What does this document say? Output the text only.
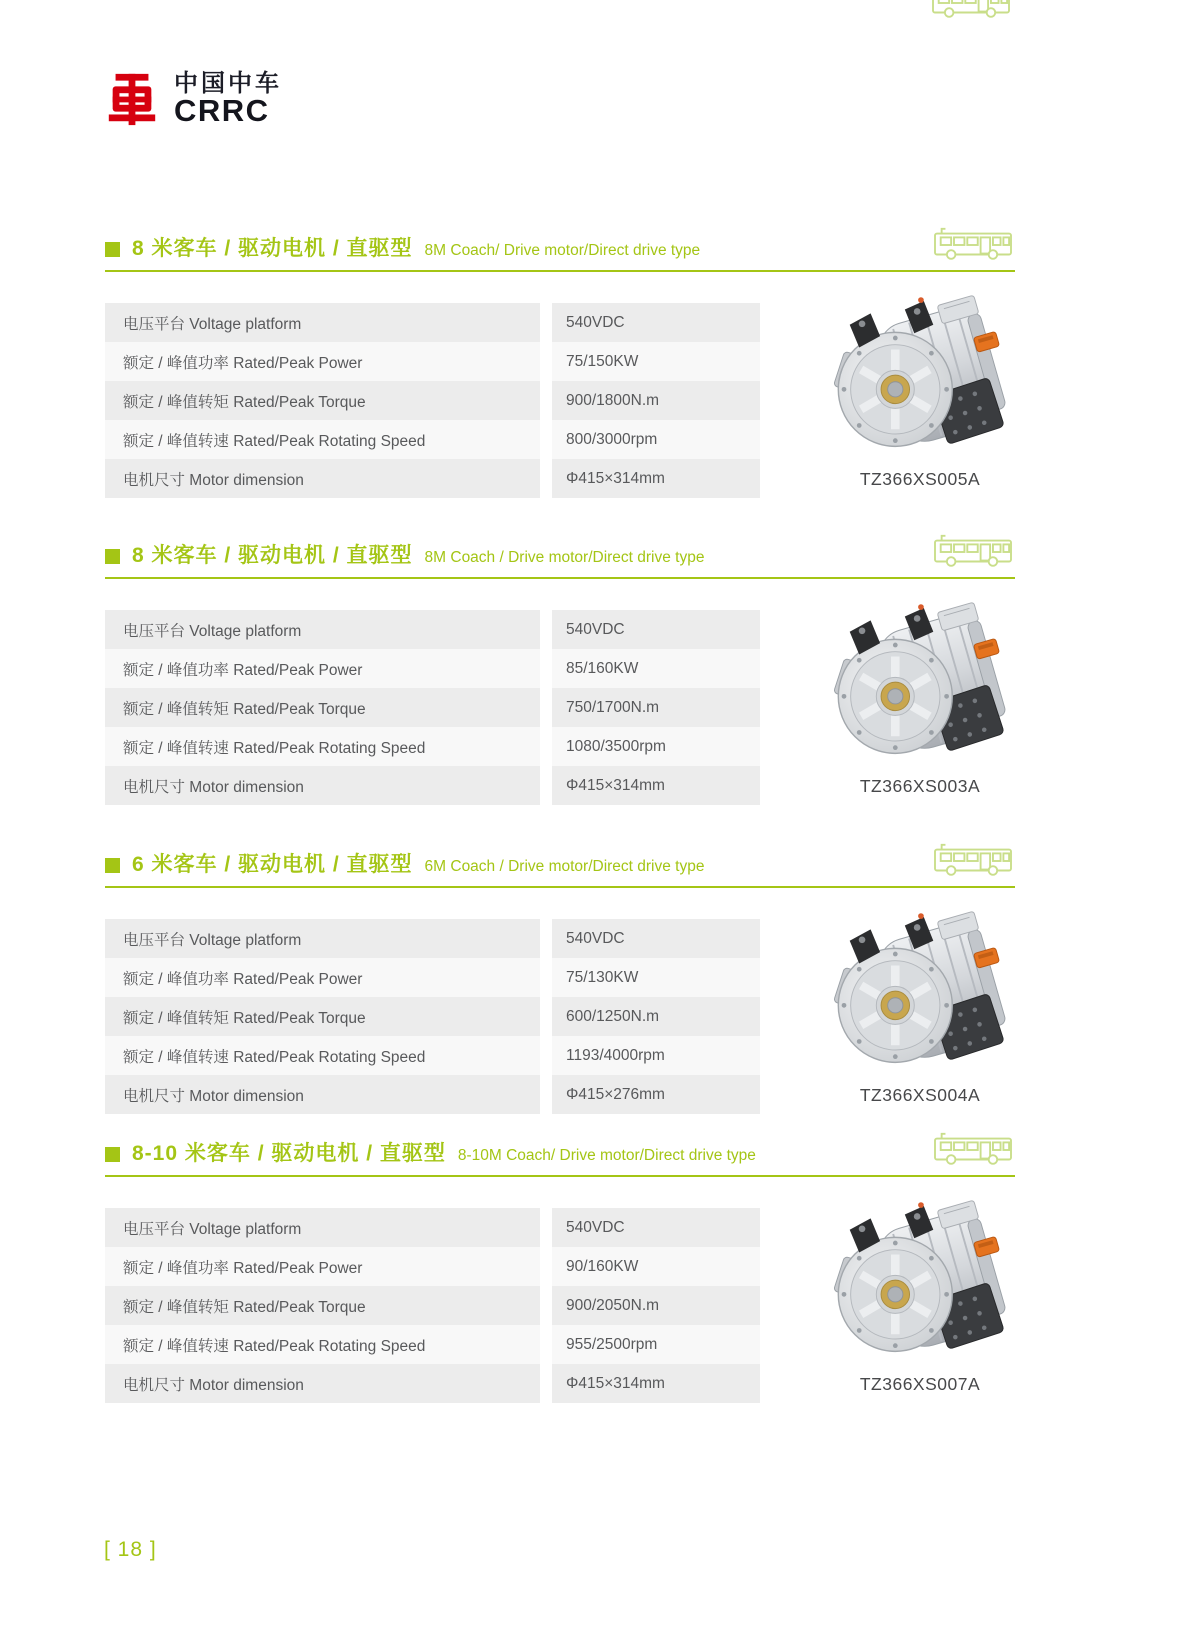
中国中车
CRRC
8 米客车 / 驱动电机 / 直驱型 8M Coach/ Drive motor/Direct drive type
电压平台 Voltage platform	540VDC
额定 / 峰值功率 Rated/Peak Power	75/150KW
额定 / 峰值转矩 Rated/Peak Torque	900/1800N.m
额定 / 峰值转速 Rated/Peak Rotating Speed	800/3000rpm
电机尺寸 Motor dimension	Φ415×314mm	TZ366XS005A
8 米客车 / 驱动电机 / 直驱型 8M Coach / Drive motor/Direct drive type
电压平台 Voltage platform	540VDC
额定 / 峰值功率 Rated/Peak Power	85/160KW
额定 / 峰值转矩 Rated/Peak Torque	750/1700N.m
额定 / 峰值转速 Rated/Peak Rotating Speed	1080/3500rpm
电机尺寸 Motor dimension	Φ415×314mm	TZ366XS003A
6 米客车 / 驱动电机 / 直驱型 6M Coach / Drive motor/Direct drive type
电压平台 Voltage platform	540VDC
额定 / 峰值功率 Rated/Peak Power	75/130KW
额定 / 峰值转矩 Rated/Peak Torque	600/1250N.m
额定 / 峰值转速 Rated/Peak Rotating Speed	1193/4000rpm
电机尺寸 Motor dimension	Φ415×276mm	TZ366XS004A
8-10 米客车 / 驱动电机 / 直驱型 8-10M Coach/ Drive motor/Direct drive type
电压平台 Voltage platform	540VDC
额定 / 峰值功率 Rated/Peak Power	90/160KW
额定 / 峰值转矩 Rated/Peak Torque	900/2050N.m
额定 / 峰值转速 Rated/Peak Rotating Speed	955/2500rpm
电机尺寸 Motor dimension	Φ415×314mm	TZ366XS007A
[ 18 ]
